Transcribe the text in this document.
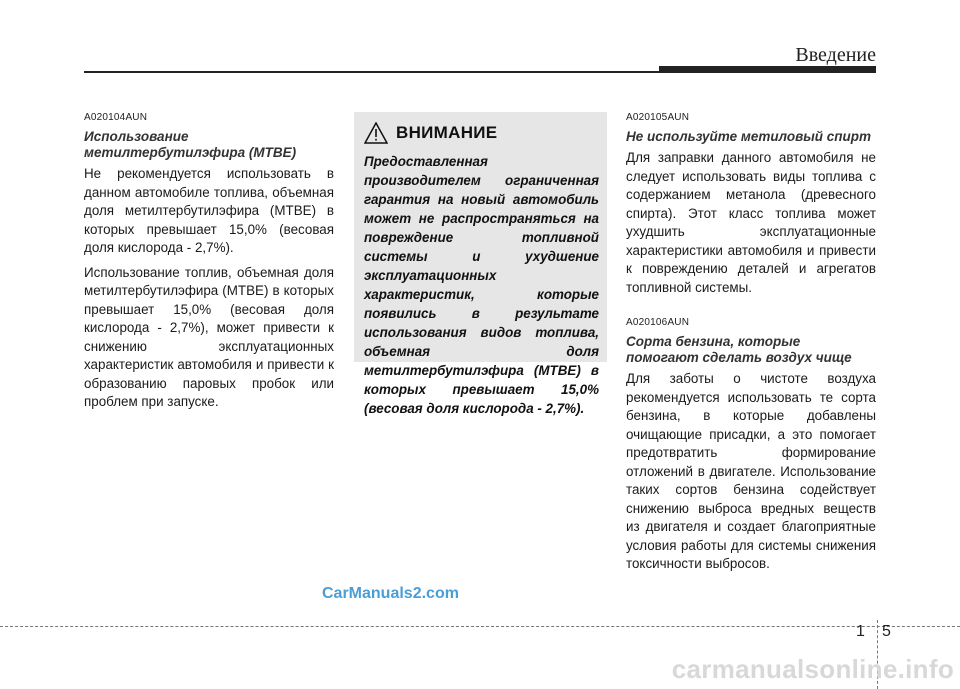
Введение

A020104AUN

Использование метилтербутилэфира (MTBE)

Не рекомендуется использовать в данном автомобиле топлива, объемная доля метилтербутилэфира (MTBE) в которых превышает 15,0% (весовая доля кислорода - 2,7%).

Использование топлив, объемная доля метилтербутилэфира (MTBE) в которых превышает 15,0% (весовая доля кислорода - 2,7%), может привести к снижению эксплуатационных характеристик автомобиля и привести к образованию паровых пробок или проблем при запуске.

ВНИМАНИЕ

Предоставленная производителем ограниченная гарантия на новый автомобиль может не распространяться на повреждение топливной системы и ухудшение эксплуатационных характеристик, которые появились в результате использования видов топлива, объемная доля метилтербутилэфира (MTBE) в которых превышает 15,0% (весовая доля кислорода - 2,7%).

A020105AUN

Не используйте метиловый спирт

Для заправки данного автомобиля не следует использовать виды топлива с содержанием метанола (древесного спирта). Этот класс топлива может ухудшить эксплуатационные характеристики автомобиля и привести к повреждению деталей и агрегатов топливной системы.

A020106AUN

Сорта бензина, которые помогают сделать воздух чище

Для заботы о чистоте воздуха рекомендуется использовать те сорта бензина, в которые добавлены очищающие присадки, а это помогает предотвратить формирование отложений в двигателе. Использование таких сортов бензина содействует снижению выброса вредных веществ из двигателя и создает благоприятные условия работы для системы снижения токсичности выбросов.

CarManuals2.com
1 5
carmanualsonline.info
